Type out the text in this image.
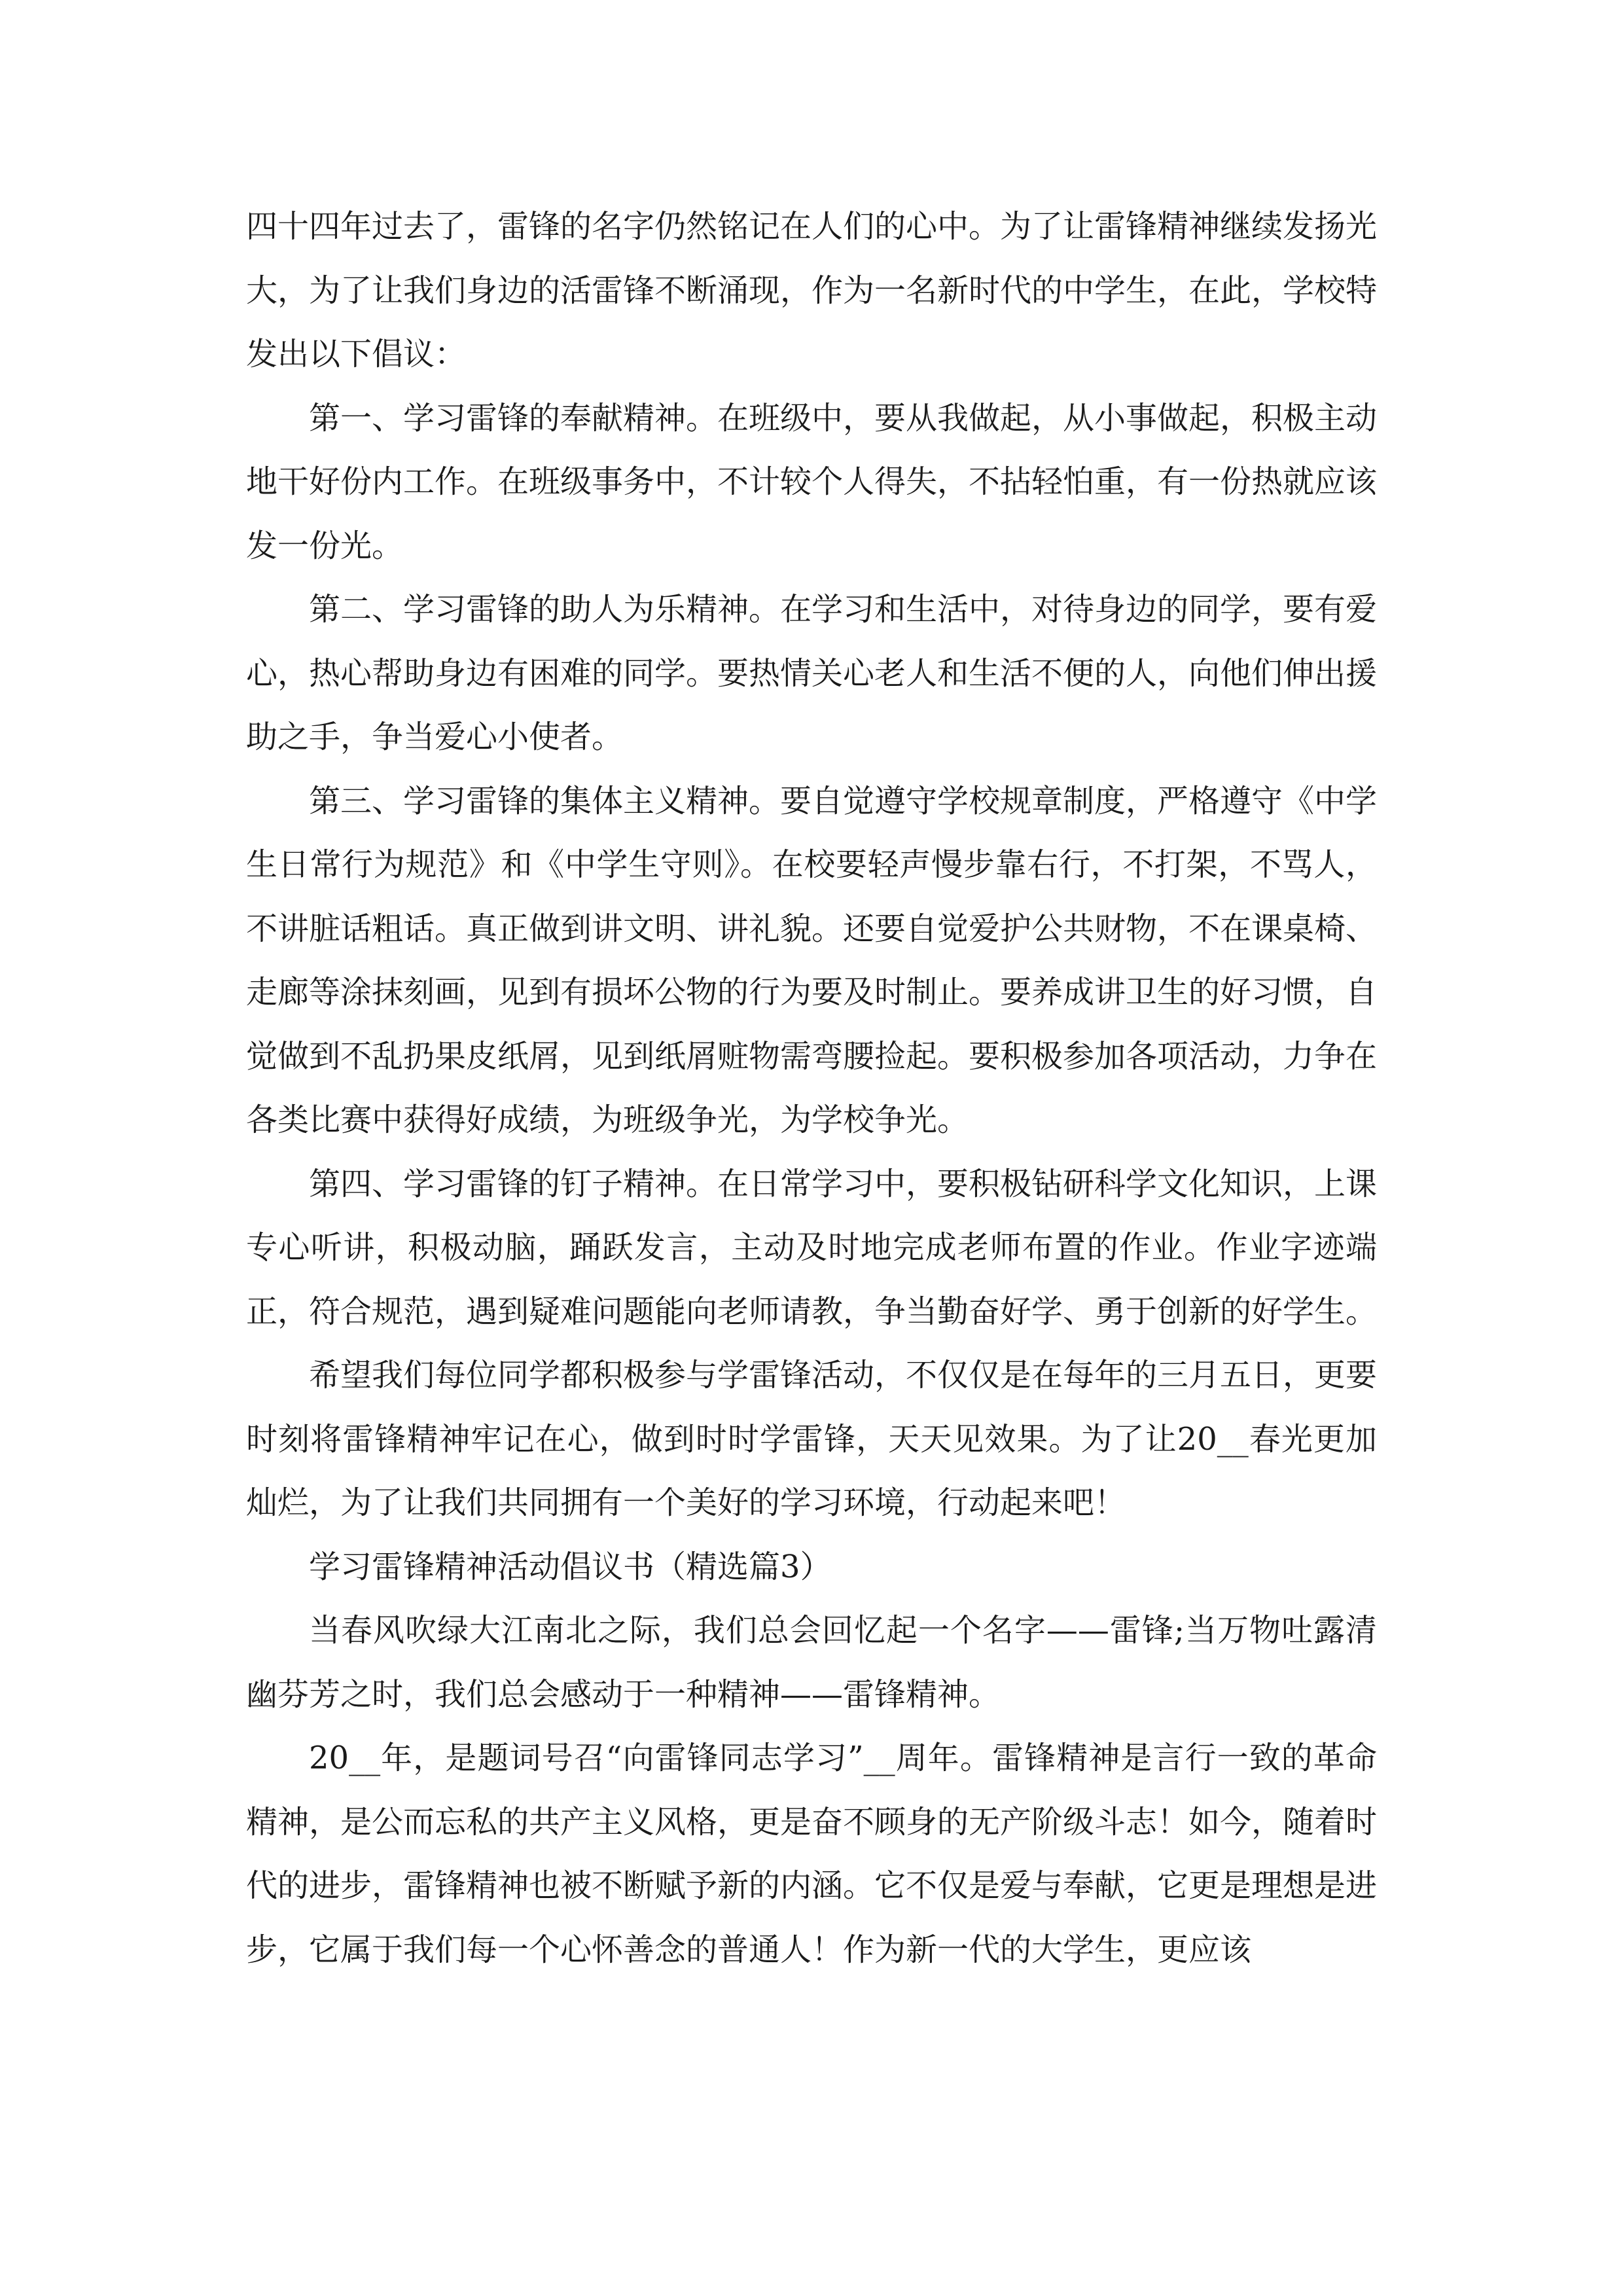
四十四年过去了，雷锋的名字仍然铭记在人们的心中。为了让雷锋精神继续发扬光大，为了让我们身边的活雷锋不断涌现，作为一名新时代的中学生，在此，学校特发出以下倡议：

第一、学习雷锋的奉献精神。在班级中，要从我做起，从小事做起，积极主动地干好份内工作。在班级事务中，不计较个人得失，不拈轻怕重，有一份热就应该发一份光。

第二、学习雷锋的助人为乐精神。在学习和生活中，对待身边的同学，要有爱心，热心帮助身边有困难的同学。要热情关心老人和生活不便的人，向他们伸出援助之手，争当爱心小使者。

第三、学习雷锋的集体主义精神。要自觉遵守学校规章制度，严格遵守《中学生日常行为规范》和《中学生守则》。在校要轻声慢步靠右行，不打架，不骂人，不讲脏话粗话。真正做到讲文明、讲礼貌。还要自觉爱护公共财物，不在课桌椅、走廊等涂抹刻画，见到有损坏公物的行为要及时制止。要养成讲卫生的好习惯，自觉做到不乱扔果皮纸屑，见到纸屑赃物需弯腰捡起。要积极参加各项活动，力争在各类比赛中获得好成绩，为班级争光，为学校争光。

第四、学习雷锋的钉子精神。在日常学习中，要积极钻研科学文化知识，上课专心听讲，积极动脑，踊跃发言，主动及时地完成老师布置的作业。作业字迹端正，符合规范，遇到疑难问题能向老师请教，争当勤奋好学、勇于创新的好学生。

希望我们每位同学都积极参与学雷锋活动，不仅仅是在每年的三月五日，更要时刻将雷锋精神牢记在心，做到时时学雷锋，天天见效果。为了让20__春光更加灿烂，为了让我们共同拥有一个美好的学习环境，行动起来吧！

学习雷锋精神活动倡议书（精选篇3）

当春风吹绿大江南北之际，我们总会回忆起一个名字——雷锋;当万物吐露清幽芬芳之时，我们总会感动于一种精神——雷锋精神。

20__年，是题词号召“向雷锋同志学习”__周年。雷锋精神是言行一致的革命精神，是公而忘私的共产主义风格，更是奋不顾身的无产阶级斗志！如今，随着时代的进步，雷锋精神也被不断赋予新的内涵。它不仅是爱与奉献，它更是理想是进步，它属于我们每一个心怀善念的普通人！作为新一代的大学生，更应该
